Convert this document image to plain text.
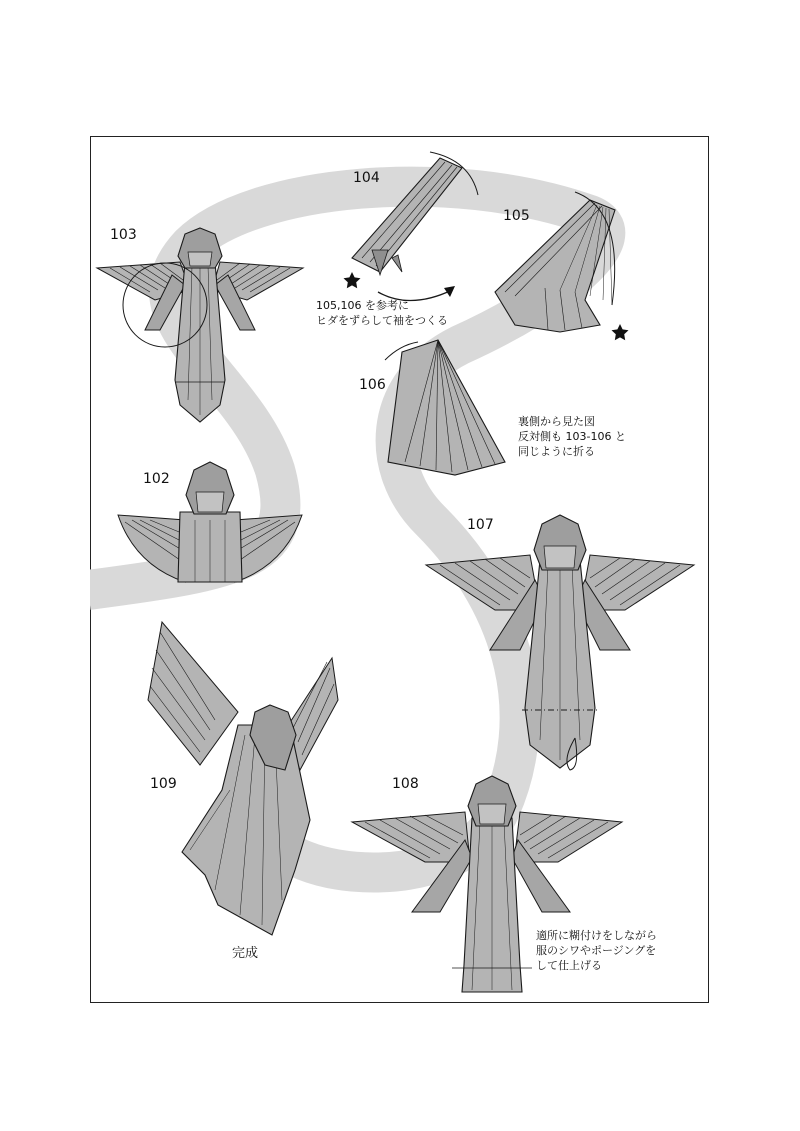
103
104
105
106
102
107
108
109
105,106 を参考に
ヒダをずらして袖をつくる
裏側から見た図
反対側も 103-106 と
同じように折る
適所に糊付けをしながら
服のシワやポージングを
して仕上げる
完成
